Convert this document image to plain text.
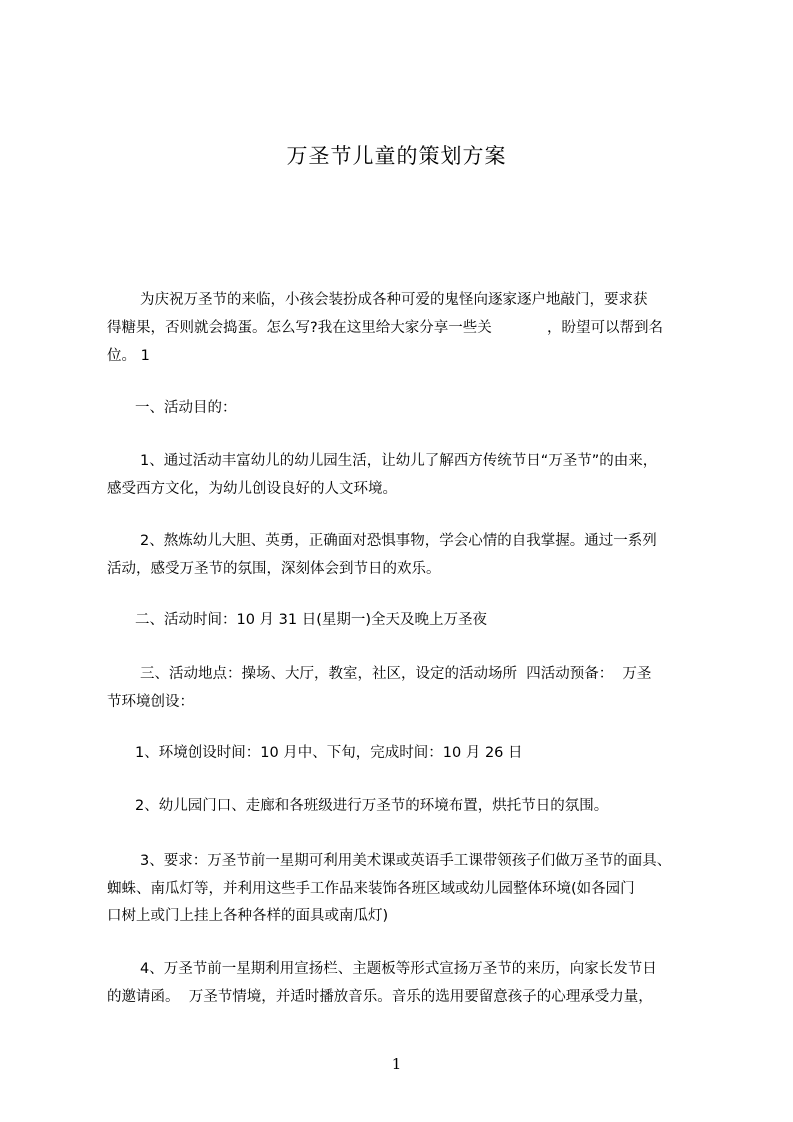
万圣节儿童的策划方案
为庆祝万圣节的来临，小孩会装扮成各种可爱的鬼怪向逐家逐户地敲门，要求获
得糖果，否则就会捣蛋。怎么写?我在这里给大家分享一些关            ，盼望可以帮到名
位。 1
一、活动目的：
1、通过活动丰富幼儿的幼儿园生活，让幼儿了解西方传统节日“万圣节”的由来，
感受西方文化，为幼儿创设良好的人文环境。
2、熬炼幼儿大胆、英勇，正确面对恐惧事物，学会心情的自我掌握。通过一系列
活动，感受万圣节的氛围，深刻体会到节日的欢乐。
二、活动时间：10 月 31 日(星期一)全天及晚上万圣夜
三、活动地点：操场、大厅，教室，社区，设定的活动场所  四活动预备：  万圣
节环境创设：
1、环境创设时间：10 月中、下旬，完成时间：10 月 26 日
2、幼儿园门口、走廊和各班级进行万圣节的环境布置，烘托节日的氛围。
3、要求：万圣节前一星期可利用美术课或英语手工课带领孩子们做万圣节的面具、
蜘蛛、南瓜灯等，并利用这些手工作品来装饰各班区域或幼儿园整体环境(如各园门
口树上或门上挂上各种各样的面具或南瓜灯)
4、万圣节前一星期利用宣扬栏、主题板等形式宣扬万圣节的来历，向家长发节日
的邀请函。  万圣节情境，并适时播放音乐。音乐的选用要留意孩子的心理承受力量，
1
